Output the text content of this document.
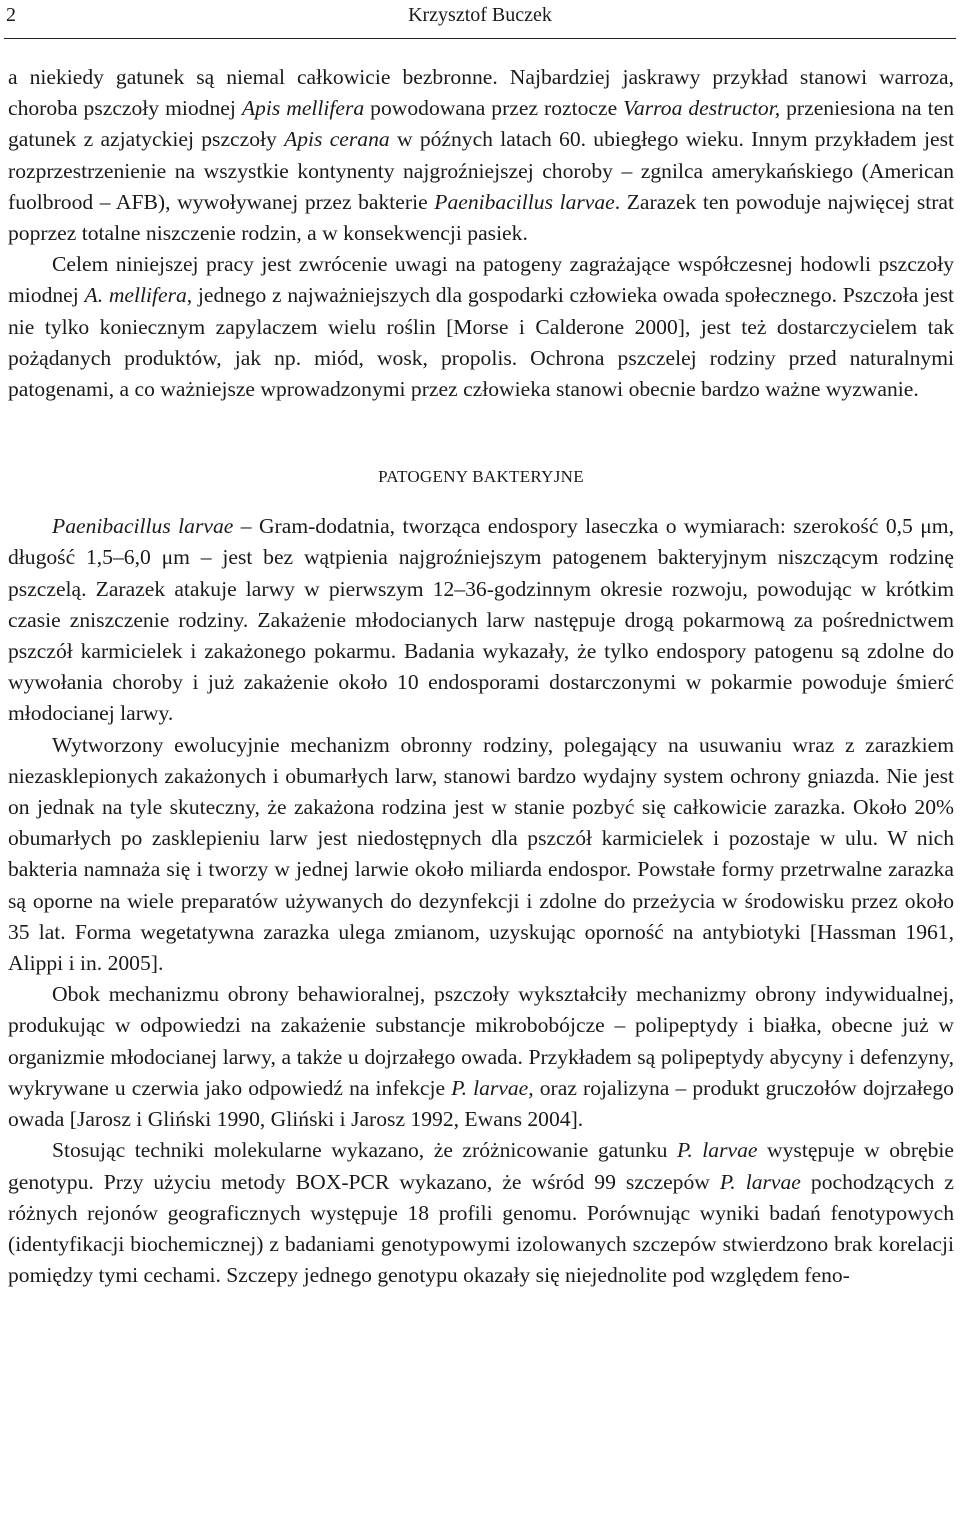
2	Krzysztof Buczek

a niekiedy gatunek są niemal całkowicie bezbronne. Najbardziej jaskrawy przykład stanowi warroza, choroba pszczoły miodnej Apis mellifera powodowana przez roztocze Varroa destructor, przeniesiona na ten gatunek z azjatyckiej pszczoły Apis cerana w późnych latach 60. ubiegłego wieku. Innym przykładem jest rozprzestrzenienie na wszystkie kontynenty najgroźniejszej choroby – zgnilca amerykańskiego (American fuolbrood – AFB), wywoływanej przez bakterie Paenibacillus larvae. Zarazek ten powoduje najwięcej strat poprzez totalne niszczenie rodzin, a w konsekwencji pasiek.

Celem niniejszej pracy jest zwrócenie uwagi na patogeny zagrażające współczesnej hodowli pszczoły miodnej A. mellifera, jednego z najważniejszych dla gospodarki człowieka owada społecznego. Pszczoła jest nie tylko koniecznym zapylaczem wielu roślin [Morse i Calderone 2000], jest też dostarczycielem tak pożądanych produktów, jak np. miód, wosk, propolis. Ochrona pszczelej rodziny przed naturalnymi patogenami, a co ważniejsze wprowadzonymi przez człowieka stanowi obecnie bardzo ważne wyzwanie.

PATOGENY BAKTERYJNE

Paenibacillus larvae – Gram-dodatnia, tworząca endospory laseczka o wymiarach: szerokość 0,5 μm, długość 1,5–6,0 μm – jest bez wątpienia najgroźniejszym patogenem bakteryjnym niszczącym rodzinę pszczelą. Zarazek atakuje larwy w pierwszym 12–36-godzinnym okresie rozwoju, powodując w krótkim czasie zniszczenie rodziny. Zakażenie młodocianych larw następuje drogą pokarmową za pośrednictwem pszczół karmicielek i zakażonego pokarmu. Badania wykazały, że tylko endospory patogenu są zdolne do wywołania choroby i już zakażenie około 10 endosporami dostarczonymi w pokarmie powoduje śmierć młodocianej larwy.

Wytworzony ewolucyjnie mechanizm obronny rodziny, polegający na usuwaniu wraz z zarazkiem niezasklepionych zakażonych i obumarłych larw, stanowi bardzo wydajny system ochrony gniazda. Nie jest on jednak na tyle skuteczny, że zakażona rodzina jest w stanie pozbyć się całkowicie zarazka. Około 20% obumarłych po zasklepieniu larw jest niedostępnych dla pszczół karmicielek i pozostaje w ulu. W nich bakteria namnaża się i tworzy w jednej larwie około miliarda endospor. Powstałe formy przetrwalne zarazka są oporne na wiele preparatów używanych do dezynfekcji i zdolne do przeżycia w środowisku przez około 35 lat. Forma wegetatywna zarazka ulega zmianom, uzyskując oporność na antybiotyki [Hassman 1961, Alippi i in. 2005].

Obok mechanizmu obrony behawioralnej, pszczoły wykształciły mechanizmy obrony indywidualnej, produkując w odpowiedzi na zakażenie substancje mikrobobójcze – polipeptydy i białka, obecne już w organizmie młodocianej larwy, a także u dojrzałego owada. Przykładem są polipeptydy abycyny i defenzyny, wykrywane u czerwia jako odpowiedź na infekcje P. larvae, oraz rojalizyna – produkt gruczołów dojrzałego owada [Jarosz i Gliński 1990, Gliński i Jarosz 1992, Ewans 2004].

Stosując techniki molekularne wykazano, że zróżnicowanie gatunku P. larvae występuje w obrębie genotypu. Przy użyciu metody BOX-PCR wykazano, że wśród 99 szczepów P. larvae pochodzących z różnych rejonów geograficznych występuje 18 profili genomu. Porównując wyniki badań fenotypowych (identyfikacji biochemicznej) z badaniami genotypowymi izolowanych szczepów stwierdzono brak korelacji pomiędzy tymi cechami. Szczepy jednego genotypu okazały się niejednolite pod względem feno-
